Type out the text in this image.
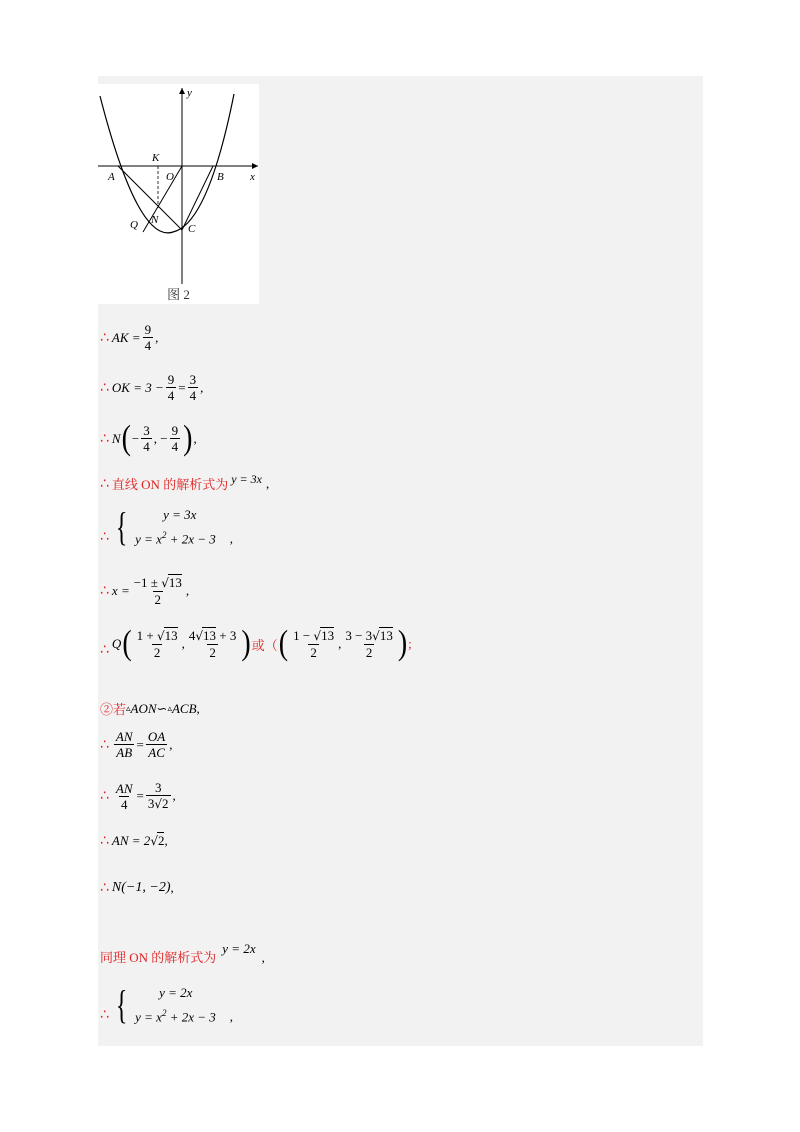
y
x
K
A	O	B
Q N
C
图 2
∴ AK = $\frac{9}{4}$ ,
∴ OK = $3 - \frac{9}{4} = \frac{3}{4}$ ,
∴ N ( − $\frac{3}{4}$ , − $\frac{9}{4}$ ) ,
∴ 直线 ON 的解析式为 y = 3x ,
∴ {	y = 3x
$y = x^2 + 2x - 3$ ,
∴ $x = \frac{-1 \pm √13}{2}$ ,
∴ Q ( $\frac{1 + √13}{2}$ , $\frac{4√13 + 3}{2}$ ) 或（ ( $\frac{1 - √13}{2}$ , $\frac{3 - 3√13}{2}$ ) ;
②若 ▵ AON ∽ ▵ ACB ,
∴ $\frac{AN}{AB} = \frac{OA}{AC}$ ,
∴ $\frac{AN}{4} = \frac{3}{3√2}$ ,
∴ AN = 2 √ 2 ,
∴ N(−1, −2) ,
同理 ON 的解析式为
y = 2x
,
∴ {	y = 2x
$y = x^2 + 2x - 3$ ,
